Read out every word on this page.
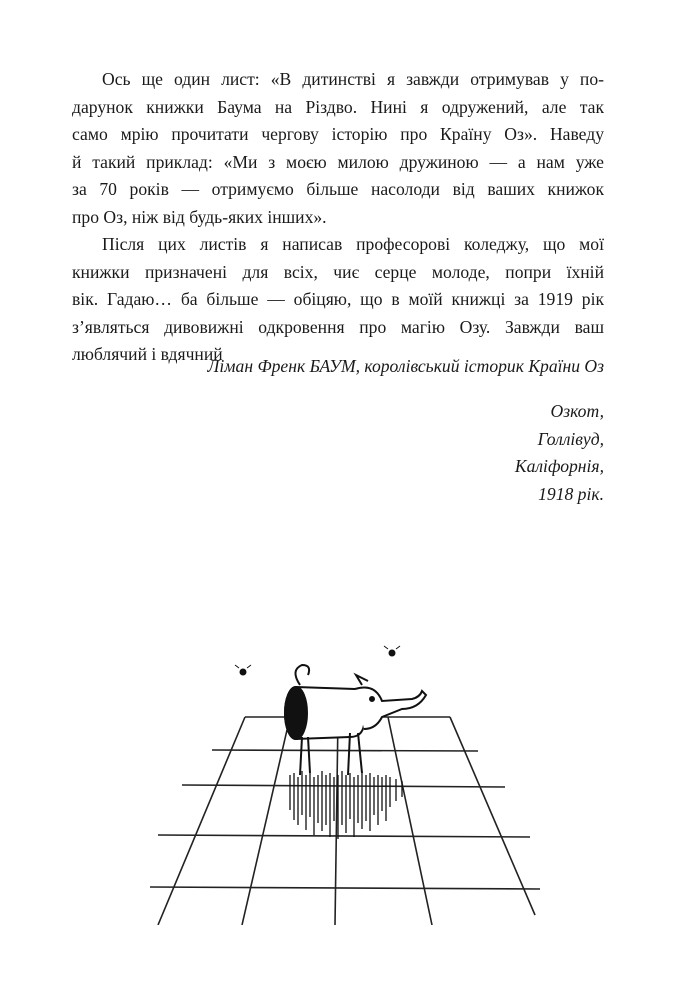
Ось ще один лист: «В дитинстві я завжди отримував у по-
дарунок книжки Баума на Різдво. Нині я одружений, але так
само мрію прочитати чергову історію про Країну Оз». Наведу
й такий приклад: «Ми з моєю милою дружиною — а нам уже
за 70 років — отримуємо більше насолоди від ваших книжок
про Оз, ніж від будь-яких інших».

Після цих листів я написав професорові коледжу, що мої
книжки призначені для всіх, чиє серце молоде, попри їхній
вік. Гадаю… ба більше — обіцяю, що в моїй книжці за 1919 рік
з’являться дивовижні одкровення про магію Озу. Завжди ваш
люблячий і вдячний

Ліман Френк БАУМ, королівський історик Країни Оз
Озкот,
Голлівуд,
Каліфорнія,
1918 рік.
